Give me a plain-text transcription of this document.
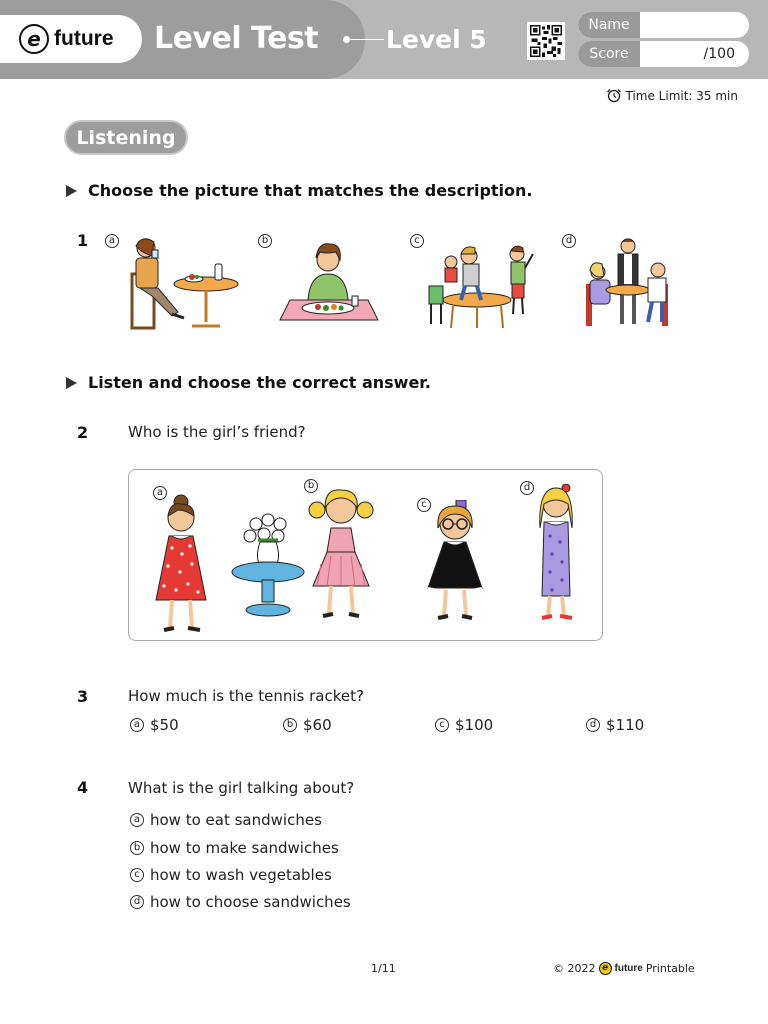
e future Level Test	Level 5	Name
Score	/100
Time Limit: 35 min
Listening
Choose the picture that matches the description.
1	a	b	c	d
Listen and choose the correct answer.
2	Who is the girl’s friend?
a
b
c
d
3	How much is the tennis racket?
a $50	b $60	c $100	d $110
4	What is the girl talking about?
a how to eat sandwiches
b how to make sandwiches
c how to wash vegetables
d how to choose sandwiches
1/11	© 2022 e future Printable
